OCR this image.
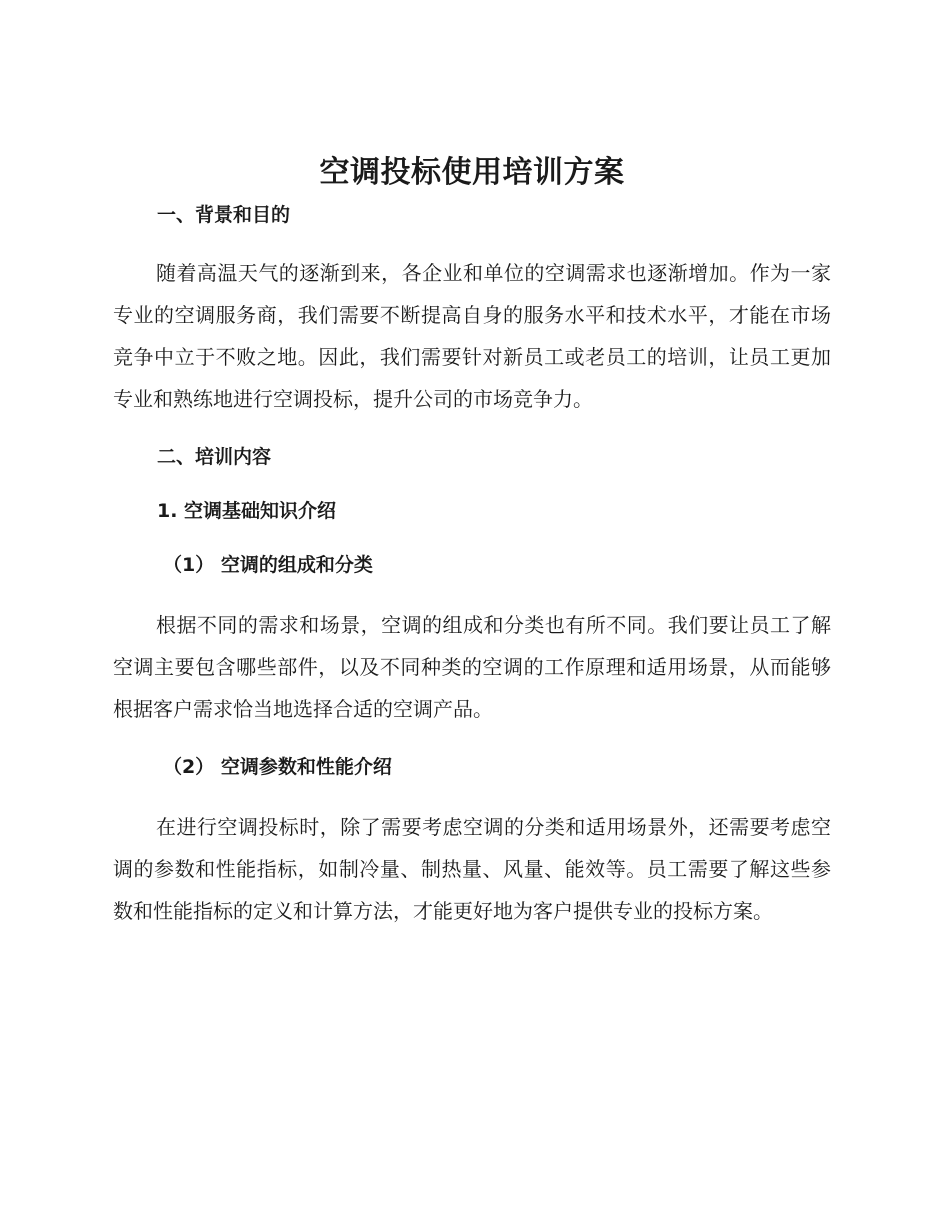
空调投标使用培训方案
一、背景和目的

随着高温天气的逐渐到来，各企业和单位的空调需求也逐渐增加。作为一家专业的空调服务商，我们需要不断提高自身的服务水平和技术水平，才能在市场竞争中立于不败之地。因此，我们需要针对新员工或老员工的培训，让员工更加专业和熟练地进行空调投标，提升公司的市场竞争力。

二、培训内容
1. 空调基础知识介绍
（1） 空调的组成和分类

根据不同的需求和场景，空调的组成和分类也有所不同。我们要让员工了解空调主要包含哪些部件，以及不同种类的空调的工作原理和适用场景，从而能够根据客户需求恰当地选择合适的空调产品。

（2） 空调参数和性能介绍

在进行空调投标时，除了需要考虑空调的分类和适用场景外，还需要考虑空调的参数和性能指标，如制冷量、制热量、风量、能效等。员工需要了解这些参数和性能指标的定义和计算方法，才能更好地为客户提供专业的投标方案。
